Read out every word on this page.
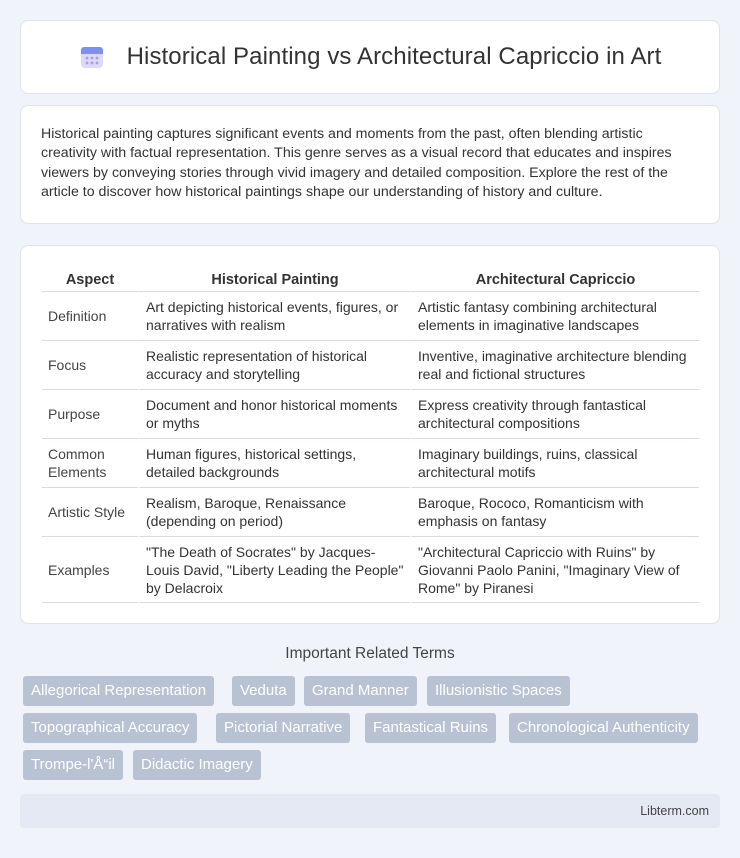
Historical Painting vs Architectural Capriccio in Art

Historical painting captures significant events and moments from the past, often blending artistic creativity with factual representation. This genre serves as a visual record that educates and inspires viewers by conveying stories through vivid imagery and detailed composition. Explore the rest of the article to discover how historical paintings shape our understanding of history and culture.

Aspect	Historical Painting	Architectural Capriccio
Definition	Art depicting historical events, figures, or narratives with realism	Artistic fantasy combining architectural elements in imaginative landscapes
Focus	Realistic representation of historical accuracy and storytelling	Inventive, imaginative architecture blending real and fictional structures
Purpose	Document and honor historical moments or myths	Express creativity through fantastical architectural compositions
Common Elements	Human figures, historical settings, detailed backgrounds	Imaginary buildings, ruins, classical architectural motifs
Artistic Style	Realism, Baroque, Renaissance (depending on period)	Baroque, Rococo, Romanticism with emphasis on fantasy
Examples	"The Death of Socrates" by Jacques-Louis David, "Liberty Leading the People" by Delacroix	"Architectural Capriccio with Ruins" by Giovanni Paolo Panini, "Imaginary View of Rome" by Piranesi
Important Related Terms
Allegorical Representation	Veduta	Grand Manner	Illusionistic Spaces
Topographical Accuracy	Pictorial Narrative	Fantastical Ruins	Chronological Authenticity
Trompe-l'Å“il	Didactic Imagery
Libterm.com
